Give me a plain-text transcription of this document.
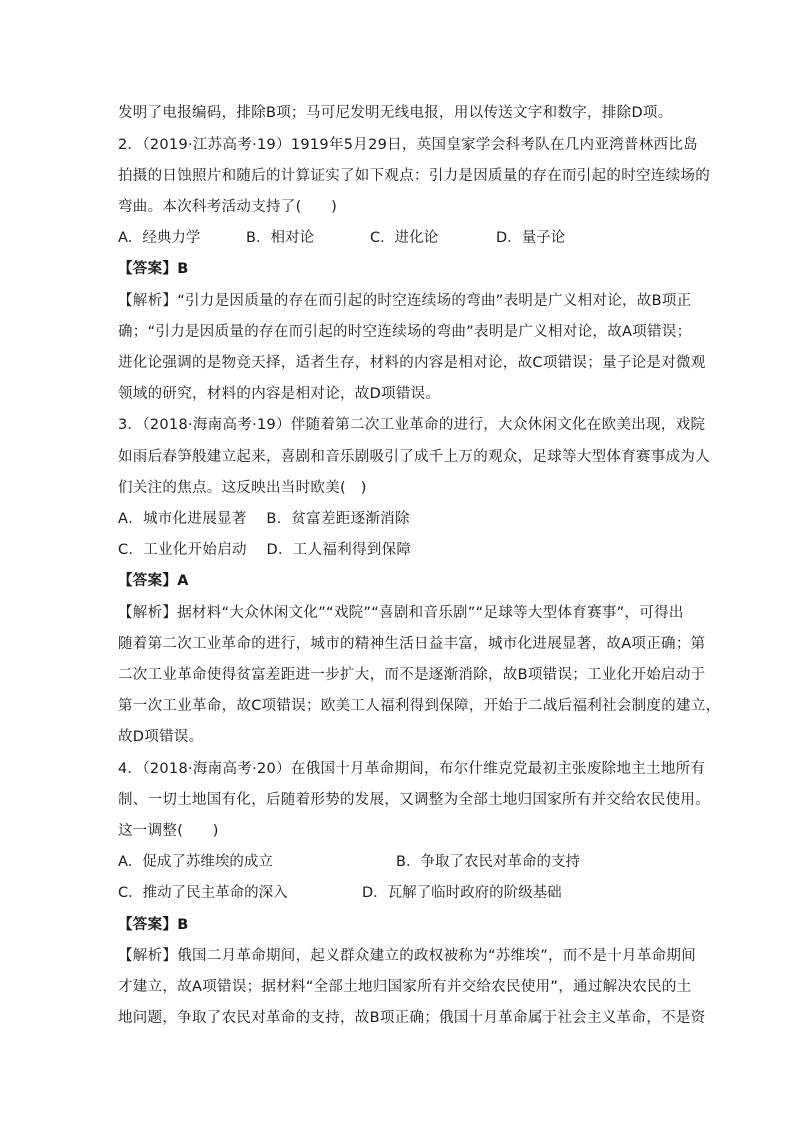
发明了电报编码，排除B项；马可尼发明无线电报，用以传送文字和数字，排除D项。
2．（2019·江苏高考·19）1919年5月29日，英国皇家学会科考队在几内亚湾普林西比岛
拍摄的日蚀照片和随后的计算证实了如下观点：引力是因质量的存在而引起的时空连续场的
弯曲。本次科考活动支持了(　　)
A．经典力学	B．相对论	C．进化论	D．量子论
【答案】B
【解析】“引力是因质量的存在而引起的时空连续场的弯曲”表明是广义相对论，故B项正
确；“引力是因质量的存在而引起的时空连续场的弯曲”表明是广义相对论，故A项错误；
进化论强调的是物竞天择，适者生存，材料的内容是相对论，故C项错误；量子论是对微观
领域的研究，材料的内容是相对论，故D项错误。
3．（2018·海南高考·19）伴随着第二次工业革命的进行，大众休闲文化在欧美出现，戏院
如雨后春笋般建立起来，喜剧和音乐剧吸引了成千上万的观众，足球等大型体育赛事成为人
们关注的焦点。这反映出当时欧美(　)
A．城市化进展显著　 B．贫富差距逐渐消除
C．工业化开始启动　 D．工人福利得到保障
【答案】A
【解析】据材料“大众休闲文化”“戏院”“喜剧和音乐剧”“足球等大型体育赛事”，可得出
随着第二次工业革命的进行，城市的精神生活日益丰富，城市化进展显著，故A项正确；第
二次工业革命使得贫富差距进一步扩大，而不是逐渐消除，故B项错误；工业化开始启动于
第一次工业革命，故C项错误；欧美工人福利得到保障，开始于二战后福利社会制度的建立，
故D项错误。
4．（2018·海南高考·20）在俄国十月革命期间，布尔什维克党最初主张废除地主土地所有
制、一切土地国有化，后随着形势的发展，又调整为全部土地归国家所有并交给农民使用。
这一调整(　　)
A．促成了苏维埃的成立	B．争取了农民对革命的支持
C．推动了民主革命的深入	D．瓦解了临时政府的阶级基础
【答案】B
【解析】俄国二月革命期间，起义群众建立的政权被称为“苏维埃”，而不是十月革命期间
才建立，故A项错误；据材料“全部土地归国家所有并交给农民使用”，通过解决农民的土
地问题，争取了农民对革命的支持，故B项正确；俄国十月革命属于社会主义革命，不是资
